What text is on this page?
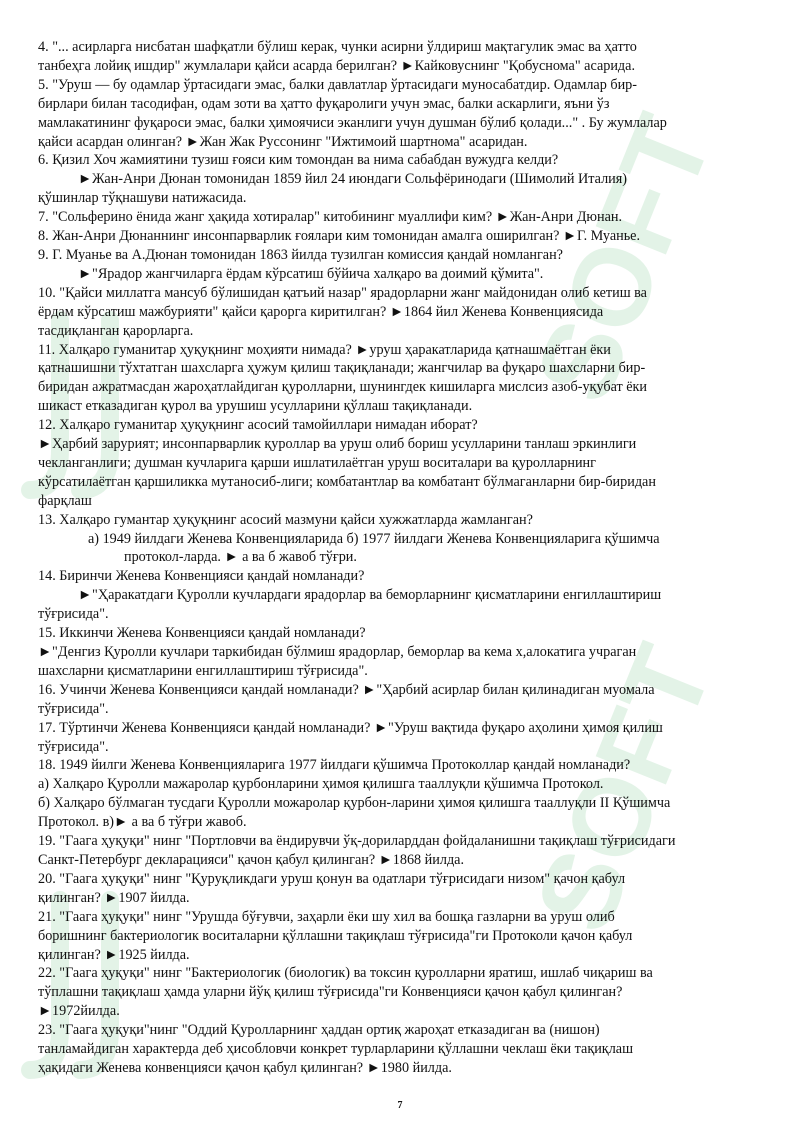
SOFT
SOFT

4. "... асирларга нисбатан шафқатли бўлиш керак, чунки асирни ўлдириш мақтагулик эмас ва ҳатто

танбеҳга лойиқ ишдир" жумлалари қайси асарда берилган? ►Кайковуснинг "Қобуснома" асарида.

5. "Уруш — бу одамлар ўртасидаги эмас, балки давлатлар ўртасидаги муносабатдир. Одамлар бир-

бирлари билан тасодифан, одам зоти ва ҳатто фуқаролиги учун эмас, балки аскарлиги, яъни ўз

мамлакатининг фуқароси эмас, балки ҳимоячиси эканлиги учун душман бўлиб қолади..." . Бу жумлалар

қайси асардан олинган? ►Жан Жак Руссонинг "Ижтимоий шартнома" асаридан.

6. Қизил Хоч жамиятини тузиш ғояси ким томондан ва нима сабабдан вужудга келди?

►Жан-Анри Дюнан томонидан 1859 йил 24 июндаги Сольфёринодаги (Шимолий Италия)

қўшинлар тўқнашуви натижасида.

7. "Сольферино ёнида жанг ҳақида хотиралар" китобининг муаллифи ким? ►Жан-Анри Дюнан.

8. Жан-Анри Дюнаннинг инсонпарварлик ғоялари ким томонидан амалга оширилган? ►Г. Муанье.

9. Г. Муанье ва А.Дюнан томонидан 1863 йилда тузилган комиссия қандай номланган?

►"Ярадор жангчиларга ёрдам кўрсатиш бўйича халқаро ва доимий қўмита".

10. "Қайси миллатга мансуб бўлишидан қатъий назар" ярадорларни жанг майдонидан олиб кетиш ва

ёрдам кўрсатиш мажбурияти" қайси қарорга киритилган? ►1864 йил Женева Конвенциясида

тасдиқланган қарорларга.

11. Халқаро гуманитар ҳуқуқнинг моҳияти нимада? ►уруш ҳаракатларида қатнашмаётган ёки

қатнашишни тўхтатган шахсларга ҳужум қилиш тақиқланади; жангчилар ва фуқаро шахсларни бир-

биридан ажратмасдан жароҳатлайдиган қуролларни, шунингдек кишиларга мислсиз азоб-уқубат ёки

шикаст етказадиган қурол ва урушиш усулларини қўллаш тақиқланади.

12. Халқаро гуманитар ҳуқуқнинг асосий тамойиллари нимадан иборат?

►Ҳарбий зарурият; инсонпарварлик қуроллар ва уруш олиб бориш усулларини танлаш эркинлиги

чекланганлиги; душман кучларига қарши ишлатилаётган уруш воситалари ва қуролларнинг

кўрсатилаётган қаршиликка мутаносиб-лиги; комбатантлар ва комбатант бўлмаганларни бир-биридан

фарқлаш

13. Халқаро гумантар ҳуқуқнинг асосий мазмуни қайси хужжатларда жамланган?

а) 1949 йилдаги Женева Конвенцияларида б) 1977 йилдаги Женева Конвенцияларига қўшимча

протокол-ларда. ► а ва б жавоб тўғри.

14. Биринчи Женева Конвенцияси қандай номланади?

►"Ҳаракатдаги Қуролли кучлардаги ярадорлар ва беморларнинг қисматларини енгиллаштириш

тўғрисида".

15. Иккинчи Женева Конвенцияси қандай номланади?

►"Денгиз Қуролли кучлари таркибидан бўлмиш ярадорлар, беморлар ва кема х,алокатига учраган

шахсларни қисматларини енгиллаштириш тўғрисида".

16. Учинчи Женева Конвенцияси қандай номланади? ►"Ҳарбий асирлар билан қилинадиган муомала

тўғрисида".

17. Тўртинчи Женева Конвенцияси қандай номланади? ►"Уруш вақтида фуқаро аҳолини ҳимоя қилиш

тўғрисида".

18. 1949 йилги Женева Конвенцияларига 1977 йилдаги қўшимча Протоколлар қандай номланади?

а) Халқаро Қуролли мажаролар қурбонларини ҳимоя қилишга тааллуқли қўшимча Протокол.

б) Халқаро бўлмаган тусдаги Қуролли можаролар қурбон-ларини ҳимоя қилишга тааллуқли II Қўшимча

Протокол. в)► а ва б тўғри жавоб.

19. "Гаага ҳуқуқи" нинг "Портловчи ва ёндирувчи ўқ-дориларддан фойдаланишни тақиқлаш тўғрисидаги

Санкт-Петербург декларацияси" қачон қабул қилинган? ►1868 йилда.

20. "Гаага ҳуқуқи" нинг "Қуруқликдаги уруш қонун ва одатлари тўғрисидаги низом" қачон қабул

қилинган? ►1907 йилда.

21. "Гаага ҳуқуқи" нинг "Урушда бўғувчи, заҳарли ёки шу хил ва бошқа газларни ва уруш олиб

боришнинг бактериологик воситаларни қўллашни тақиқлаш тўғрисида"ги Протоколи қачон қабул

қилинган? ►1925 йилда.

22. "Гаага ҳуқуқи" нинг "Бактериологик (биологик) ва токсин қуролларни яратиш, ишлаб чиқариш ва

тўплашни тақиқлаш ҳамда уларни йўқ қилиш тўғрисида"ги Конвенцияси қачон қабул қилинган?

►1972йилда.

23. "Гаага ҳуқуқи"нинг "Оддий Қуролларнинг ҳаддан ортиқ жароҳат етказадиган ва (нишон)

танламайдиган характерда деб ҳисобловчи конкрет турларларини қўллашни чеклаш ёки тақиқлаш

ҳақидаги Женева конвенцияси қачон қабул қилинган? ►1980 йилда.

7
